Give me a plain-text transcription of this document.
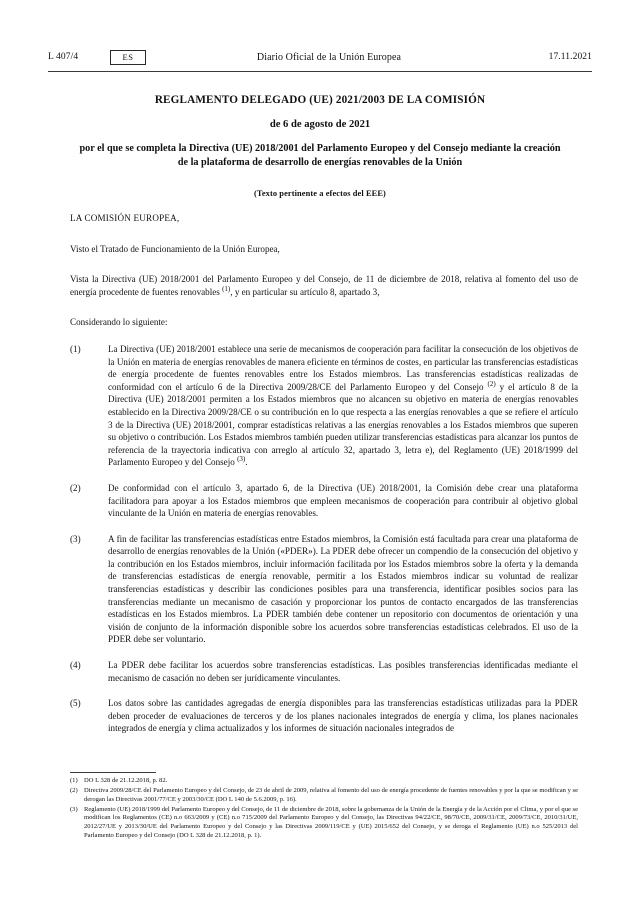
L 407/4	ES	Diario Oficial de la Unión Europea	17.11.2021
REGLAMENTO DELEGADO (UE) 2021/2003 DE LA COMISIÓN
de 6 de agosto de 2021
por el que se completa la Directiva (UE) 2018/2001 del Parlamento Europeo y del Consejo mediante la creación de la plataforma de desarrollo de energías renovables de la Unión
(Texto pertinente a efectos del EEE)

LA COMISIÓN EUROPEA,

Visto el Tratado de Funcionamiento de la Unión Europea,

Vista la Directiva (UE) 2018/2001 del Parlamento Europeo y del Consejo, de 11 de diciembre de 2018, relativa al fomento del uso de energía procedente de fuentes renovables $^{(1)}$, y en particular su artículo 8, apartado 3,

Considerando lo siguiente:

(1)	La Directiva (UE) 2018/2001 establece una serie de mecanismos de cooperación para facilitar la consecución de los objetivos de la Unión en materia de energías renovables de manera eficiente en términos de costes, en particular las transferencias estadísticas de energía procedente de fuentes renovables entre los Estados miembros. Las transferencias estadísticas realizadas de conformidad con el artículo 6 de la Directiva 2009/28/CE del Parlamento Europeo y del Consejo $^{(2)}$ y el artículo 8 de la Directiva (UE) 2018/2001 permiten a los Estados miembros que no alcancen su objetivo en materia de energías renovables establecido en la Directiva 2009/28/CE o su contribución en lo que respecta a las energías renovables a que se refiere el artículo 3 de la Directiva (UE) 2018/2001, comprar estadísticas relativas a las energías renovables a los Estados miembros que superen su objetivo o contribución. Los Estados miembros también pueden utilizar transferencias estadísticas para alcanzar los puntos de referencia de la trayectoria indicativa con arreglo al artículo 32, apartado 3, letra e), del Reglamento (UE) 2018/1999 del Parlamento Europeo y del Consejo $^{(3)}$.
(2)	De conformidad con el artículo 3, apartado 6, de la Directiva (UE) 2018/2001, la Comisión debe crear una plataforma facilitadora para apoyar a los Estados miembros que empleen mecanismos de cooperación para contribuir al objetivo global vinculante de la Unión en materia de energías renovables.
(3)	A fin de facilitar las transferencias estadísticas entre Estados miembros, la Comisión está facultada para crear una plataforma de desarrollo de energías renovables de la Unión («PDER»). La PDER debe ofrecer un compendio de la consecución del objetivo y la contribución en los Estados miembros, incluir información facilitada por los Estados miembros sobre la oferta y la demanda de transferencias estadísticas de energía renovable, permitir a los Estados miembros indicar su voluntad de realizar transferencias estadísticas y describir las condiciones posibles para una transferencia, identificar posibles socios para las transferencias mediante un mecanismo de casación y proporcionar los puntos de contacto encargados de las transferencias estadísticas en los Estados miembros. La PDER también debe contener un repositorio con documentos de orientación y una visión de conjunto de la información disponible sobre los acuerdos sobre transferencias estadísticas celebrados. El uso de la PDER debe ser voluntario.
(4)	La PDER debe facilitar los acuerdos sobre transferencias estadísticas. Las posibles transferencias identificadas mediante el mecanismo de casación no deben ser jurídicamente vinculantes.
(5)	Los datos sobre las cantidades agregadas de energía disponibles para las transferencias estadísticas utilizadas para la PDER deben proceder de evaluaciones de terceros y de los planes nacionales integrados de energía y clima, los planes nacionales integrados de energía y clima actualizados y los informes de situación nacionales integrados de
(1) DO L 328 de 21.12.2018, p. 82.
(2) Directiva 2009/28/CE del Parlamento Europeo y del Consejo, de 23 de abril de 2009, relativa al fomento del uso de energía procedente de fuentes renovables y por la que se modifican y se derogan las Directivas 2001/77/CE y 2003/30/CE (DO L 140 de 5.6.2009, p. 16).
(3) Reglamento (UE) 2018/1999 del Parlamento Europeo y del Consejo, de 11 de diciembre de 2018, sobre la gobernanza de la Unión de la Energía y de la Acción por el Clima, y por el que se modifican los Reglamentos (CE) n.o 663/2009 y (CE) n.o 715/2009 del Parlamento Europeo y del Consejo, las Directivas 94/22/CE, 98/70/CE, 2009/31/CE, 2009/73/CE, 2010/31/UE, 2012/27/UE y 2013/30/UE del Parlamento Europeo y del Consejo y las Directivas 2009/119/CE y (UE) 2015/652 del Consejo, y se deroga el Reglamento (UE) n.o 525/2013 del Parlamento Europeo y del Consejo (DO L 328 de 21.12.2018, p. 1).
